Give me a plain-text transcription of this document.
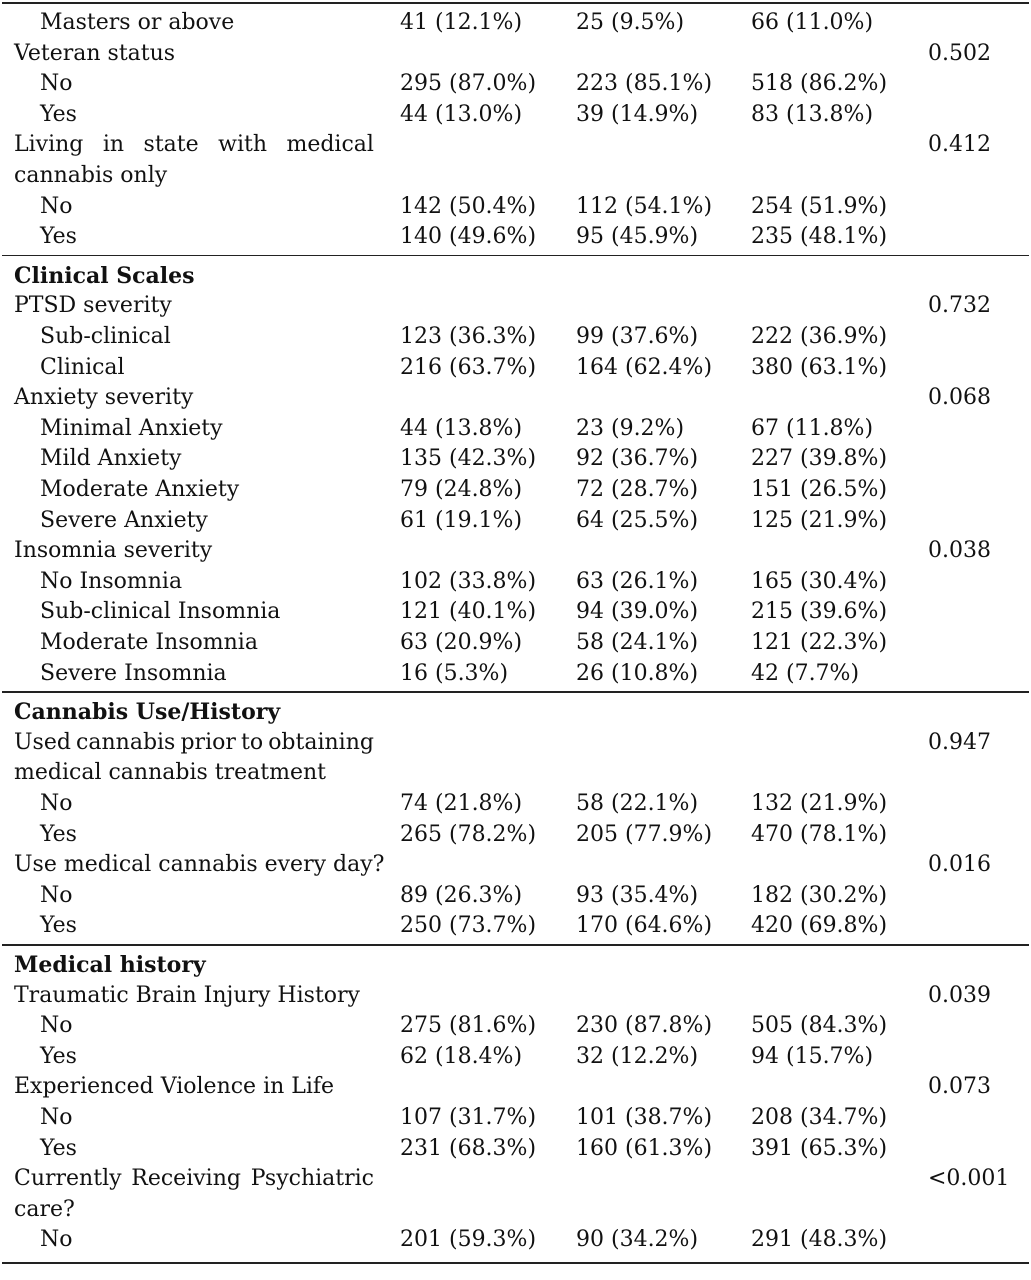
Masters or above	41 (12.1%) 25 (9.5%)	66 (11.0%)
Veteran status	0.502
No	295 (87.0%) 223 (85.1%) 518 (86.2%)
Yes	44 (13.0%) 39 (14.9%) 83 (13.8%)
Living in state with medical	0.412
cannabis only
No	142 (50.4%) 112 (54.1%) 254 (51.9%)
Yes	140 (49.6%) 95 (45.9%) 235 (48.1%)
Clinical Scales
PTSD severity	0.732
Sub-clinical	123 (36.3%) 99 (37.6%) 222 (36.9%)
Clinical	216 (63.7%) 164 (62.4%) 380 (63.1%)
Anxiety severity	0.068
Minimal Anxiety	44 (13.8%) 23 (9.2%)	67 (11.8%)
Mild Anxiety	135 (42.3%) 92 (36.7%) 227 (39.8%)
Moderate Anxiety	79 (24.8%) 72 (28.7%) 151 (26.5%)
Severe Anxiety	61 (19.1%) 64 (25.5%) 125 (21.9%)
Insomnia severity	0.038
No Insomnia	102 (33.8%) 63 (26.1%) 165 (30.4%)
Sub-clinical Insomnia	121 (40.1%) 94 (39.0%) 215 (39.6%)
Moderate Insomnia	63 (20.9%) 58 (24.1%) 121 (22.3%)
Severe Insomnia	16 (5.3%)	26 (10.8%) 42 (7.7%)
Cannabis Use/History
Used cannabis prior to obtaining	0.947
medical cannabis treatment
No	74 (21.8%) 58 (22.1%) 132 (21.9%)
Yes	265 (78.2%) 205 (77.9%) 470 (78.1%)
Use medical cannabis every day?	0.016
No	89 (26.3%) 93 (35.4%) 182 (30.2%)
Yes	250 (73.7%) 170 (64.6%) 420 (69.8%)
Medical history
Traumatic Brain Injury History	0.039
No	275 (81.6%) 230 (87.8%) 505 (84.3%)
Yes	62 (18.4%) 32 (12.2%) 94 (15.7%)
Experienced Violence in Life	0.073
No	107 (31.7%) 101 (38.7%) 208 (34.7%)
Yes	231 (68.3%) 160 (61.3%) 391 (65.3%)
Currently Receiving Psychiatric	<0.001
care?
No	201 (59.3%) 90 (34.2%) 291 (48.3%)
